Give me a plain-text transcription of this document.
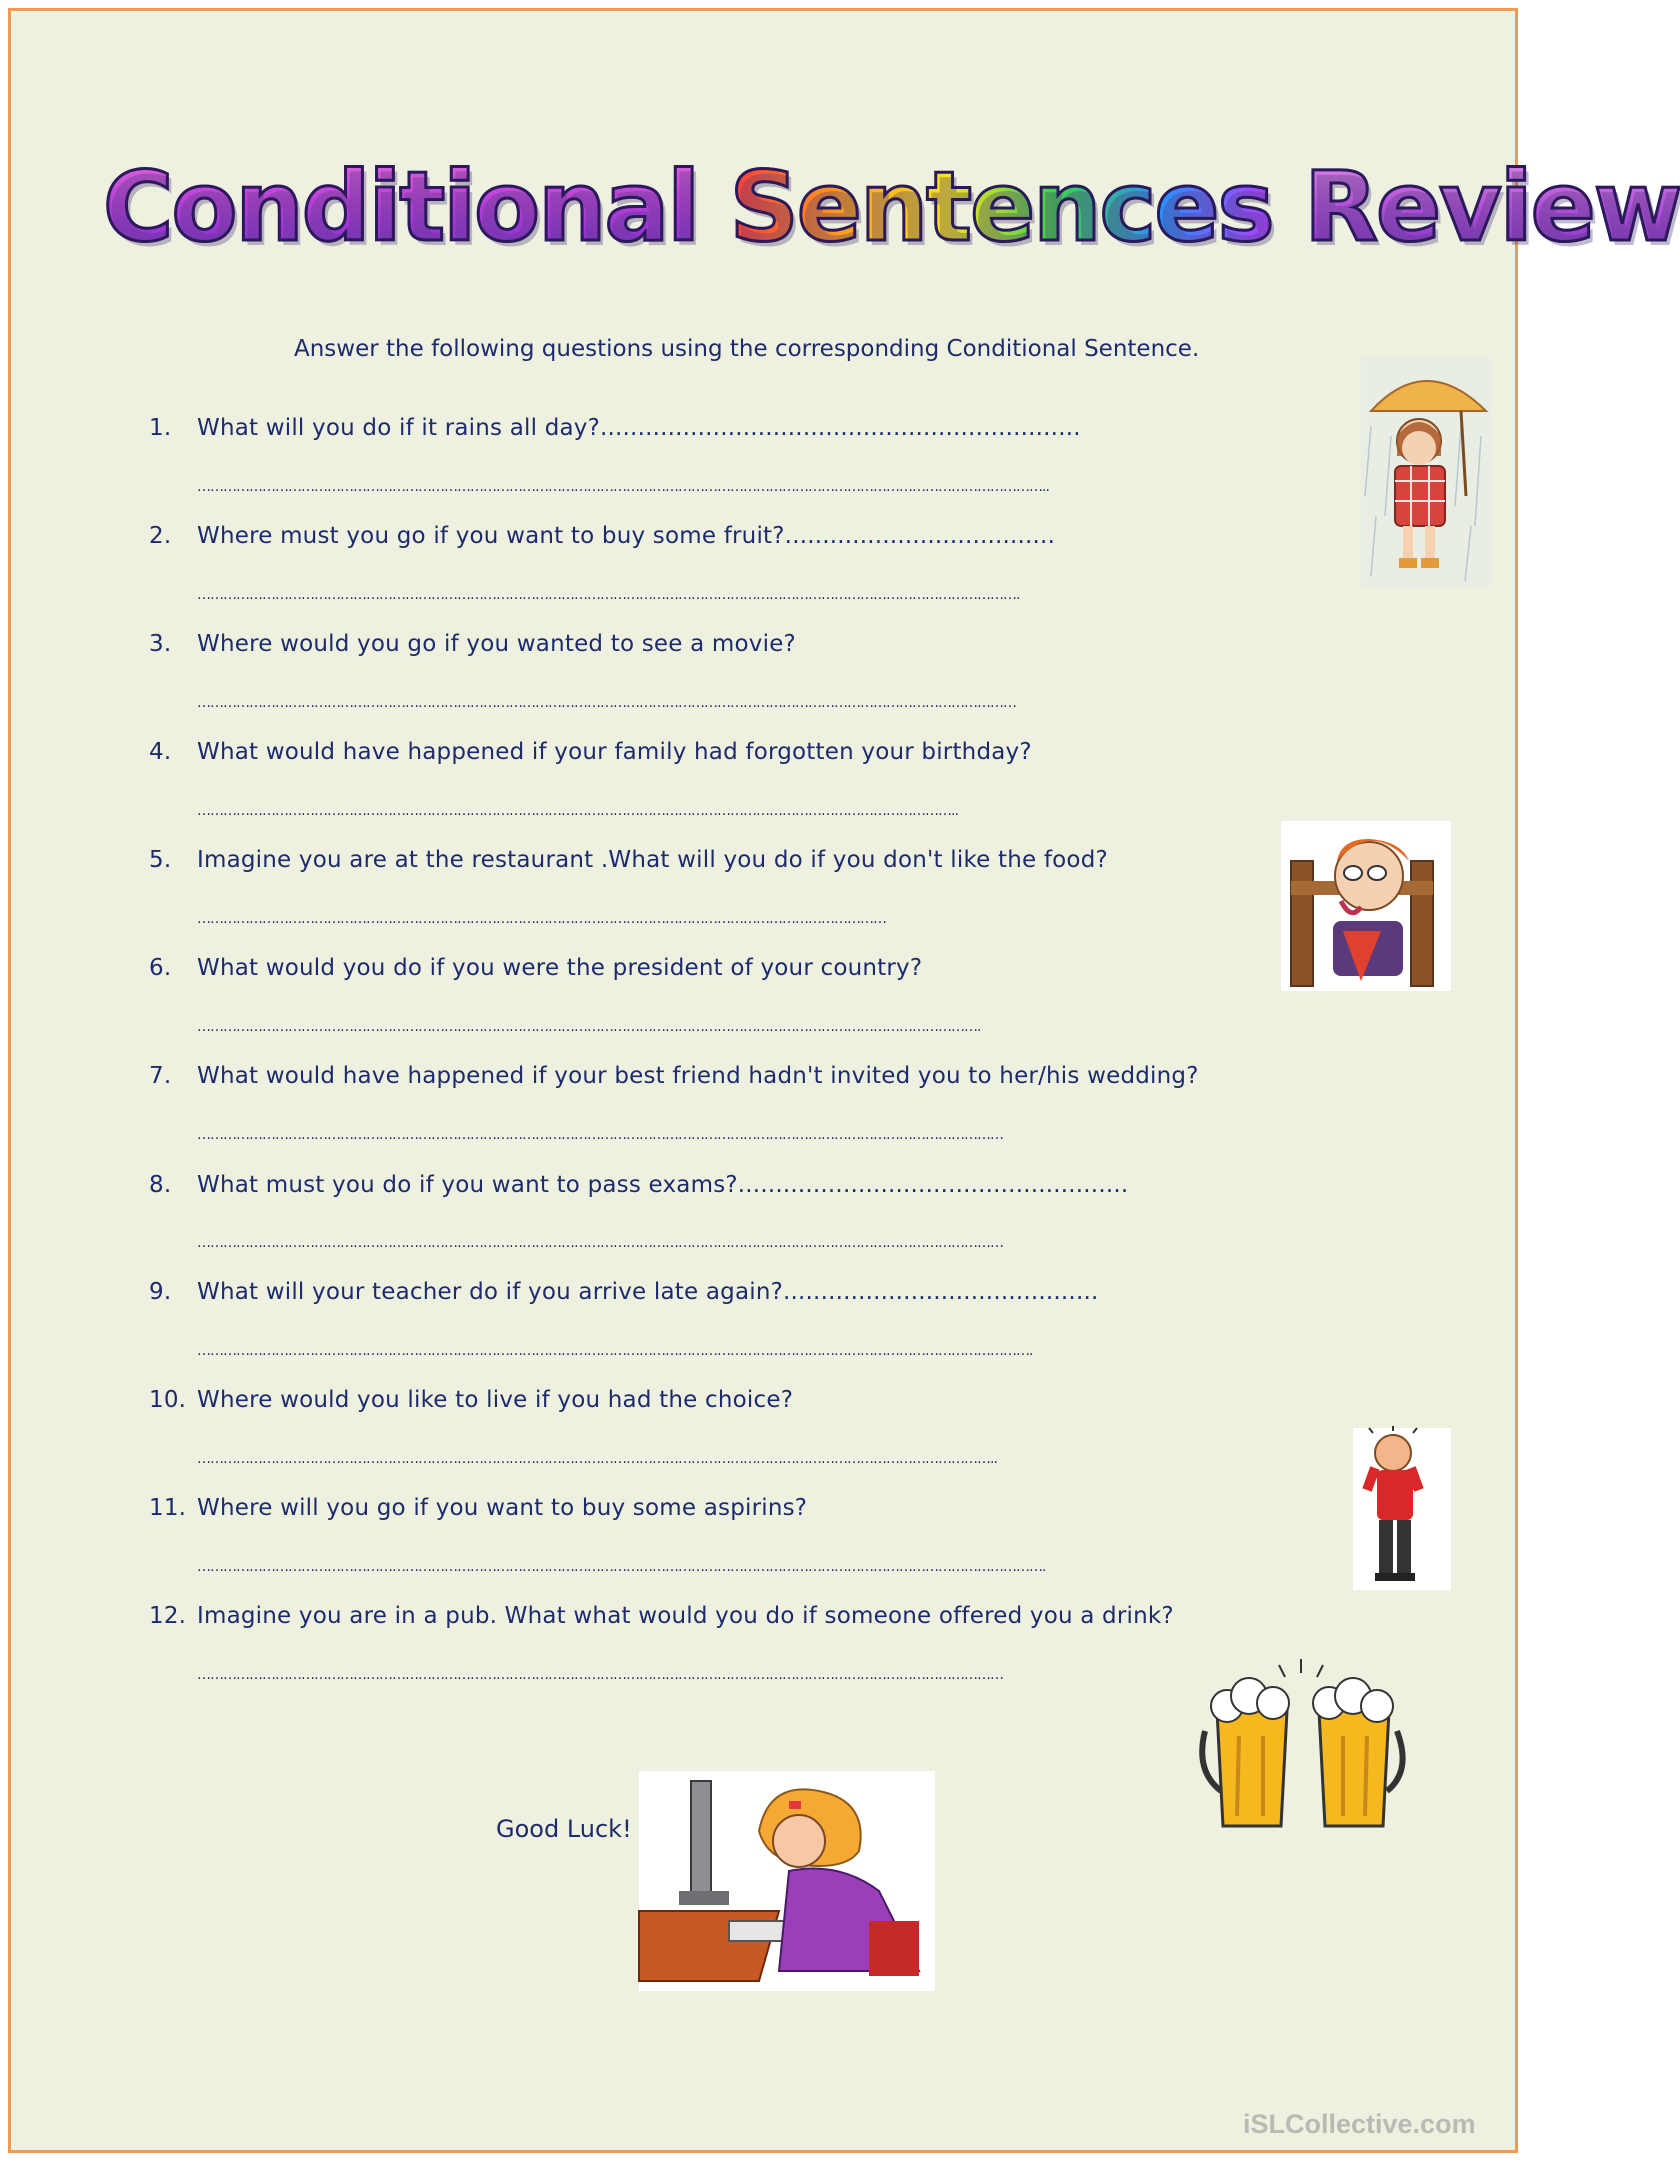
Conditional Sentences Review
Answer the following questions using the corresponding Conditional Sentence.
1. What will you do if it rains all day?................................................................
……………………………………………………………………………………………………………………………………………………………………………..
2. Where must you go if you want to buy some fruit?....................................
……………………………………………………………………………………………………………………………………………………………………….
3. Where would you go if you wanted to see a movie?
………………………………………………………………………………………………………………………………………………………………………
4. What would have happened if your family had forgotten your birthday?
…………………………………………………………………………………………………………………………………………………………..
5. Imagine you are at the restaurant .What will you do if you don't like the food?
……………………………………………………………………………………………………………………………………………
6. What would you do if you were the president of your country?
……………………………………………………………………………………………………………………………………………………………….
7. What would have happened if your best friend hadn't invited you to her/his wedding?
……………………………………………………………………………………………………………………………………………………………………
8. What must you do if you want to pass exams?....................................................
……………………………………………………………………………………………………………………………………………………………………
9. What will your teacher do if you arrive late again?..........................................
………………………………………………………………………………………………………………………………………………………………………….
10. Where would you like to live if you had the choice?
…………………………………………………………………………………………………………………………………………………………………..
11. Where will you go if you want to buy some aspirins?
…………………………………………………………………………………………………………………………………………………………………………….
12. Imagine you are in a pub. What what would you do if someone offered you a drink?
……………………………………………………………………………………………………………………………………………………………………
Good Luck!
iSLCollective.com
